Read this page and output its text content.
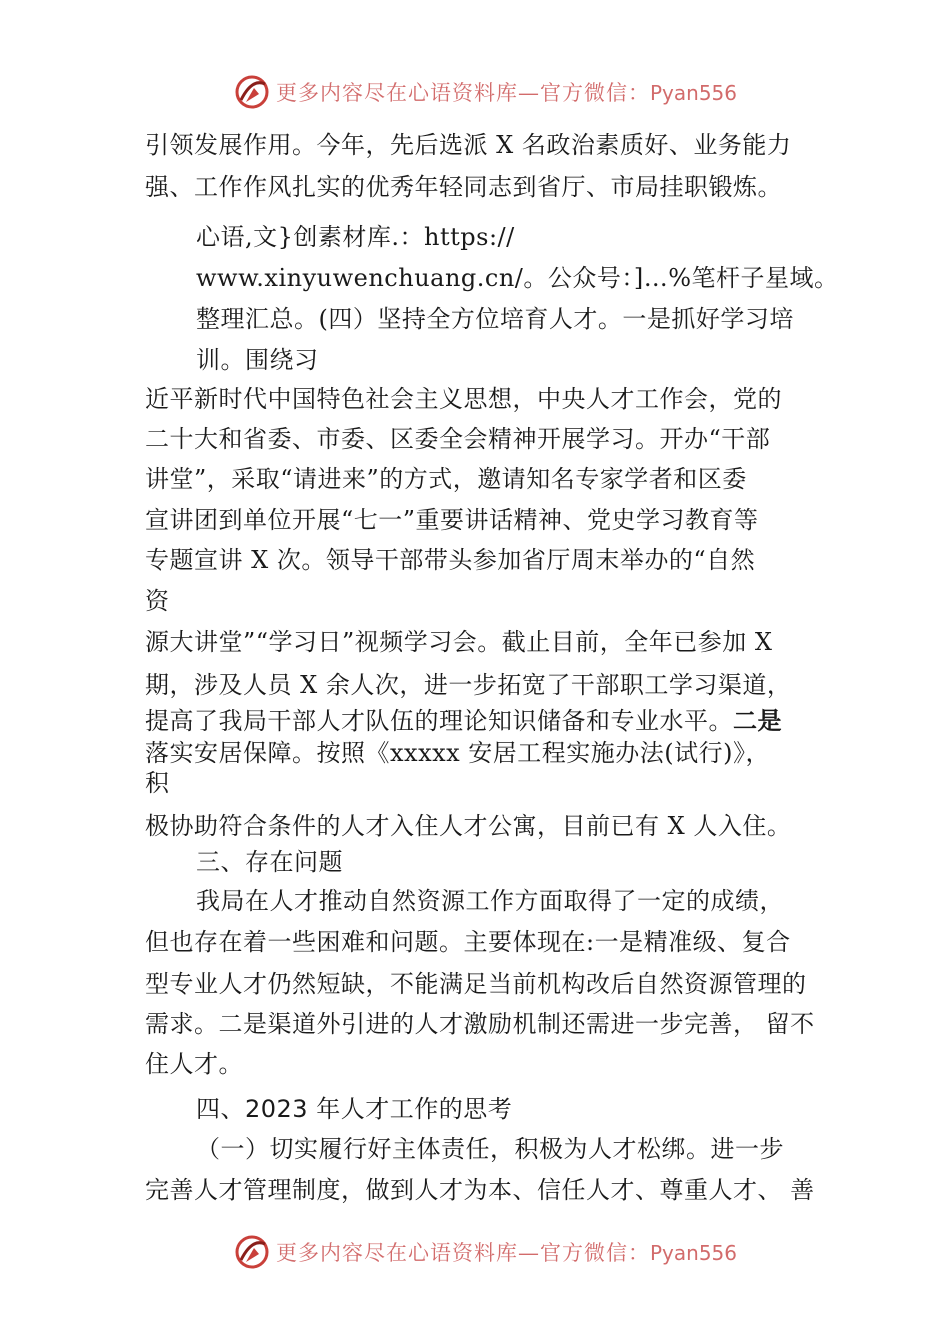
更多内容尽在心语资料库—官方微信：Pyan556
引领发展作用。今年，先后选派 X 名政治素质好、业务能力
强、工作作风扎实的优秀年轻同志到省厅、市局挂职锻炼。
心语,文}创素材库.：https://
www.xinyuwenchuang.cn/。公众号：]…%笔杆子星域。
整理汇总。(四）坚持全方位培育人才。一是抓好学习培
训。围绕习
近平新时代中国特色社会主义思想，中央人才工作会，党的
二十大和省委、市委、区委全会精神开展学习。开办“干部
讲堂”，采取“请进来”的方式，邀请知名专家学者和区委
宣讲团到单位开展“七一”重要讲话精神、党史学习教育等
专题宣讲 X 次。领导干部带头参加省厅周末举办的“自然
资
源大讲堂”“学习日”视频学习会。截止目前，全年已参加 X
期，涉及人员 X 余人次，进一步拓宽了干部职工学习渠道，
提高了我局干部人才队伍的理论知识储备和专业水平。二是
落实安居保障。按照《xxxxx 安居工程实施办法(试行)》，
积
极协助符合条件的人才入住人才公寓，目前已有 X 人入住。
三、存在问题
我局在人才推动自然资源工作方面取得了一定的成绩，
但也存在着一些困难和问题。主要体现在:一是精准级、复合
型专业人才仍然短缺，不能满足当前机构改后自然资源管理的
需求。二是渠道外引进的人才激励机制还需进一步完善， 留不
住人才。
四、2023 年人才工作的思考
（一）切实履行好主体责任，积极为人才松绑。进一步
完善人才管理制度，做到人才为本、信任人才、尊重人才、 善
更多内容尽在心语资料库—官方微信：Pyan556
